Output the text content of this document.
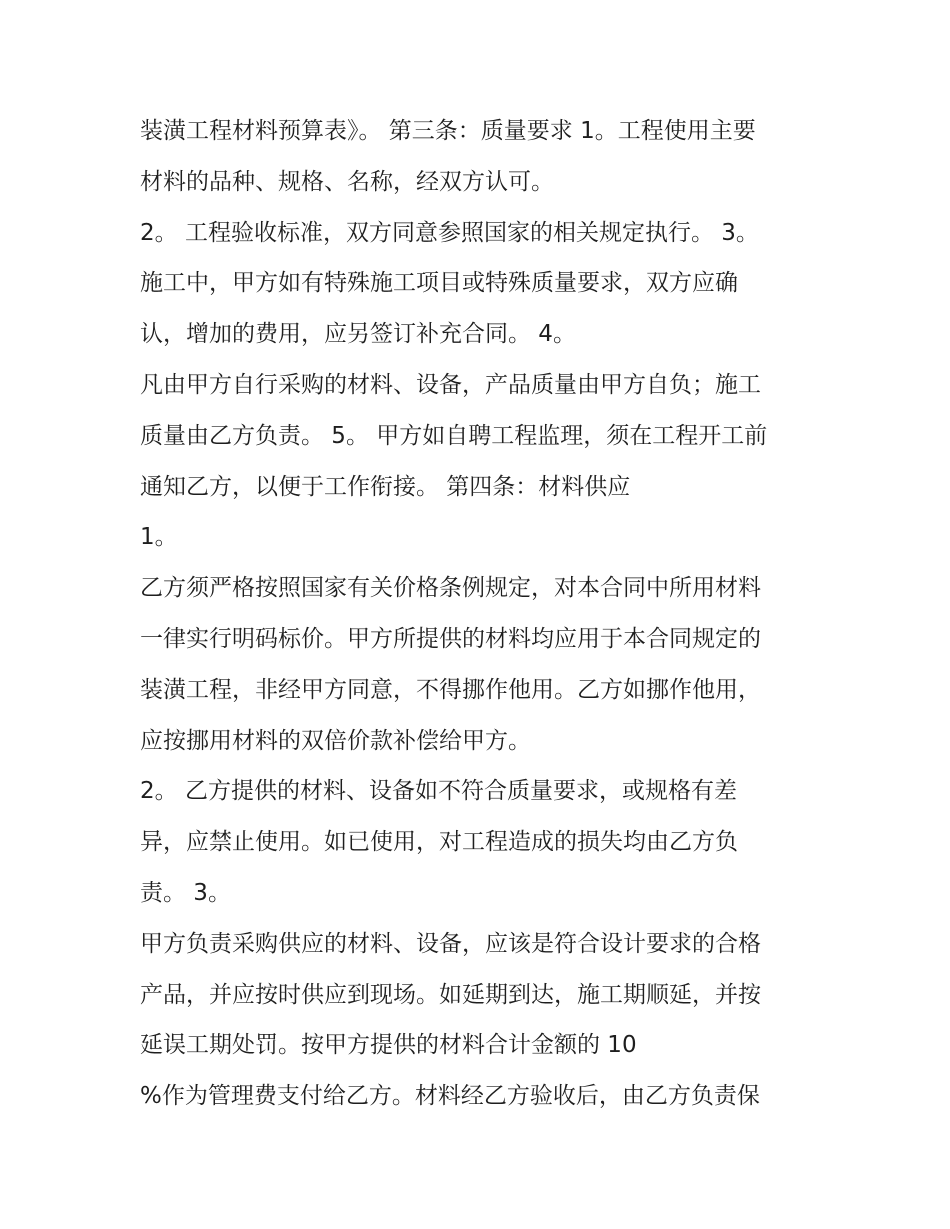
装潢工程材料预算表》。 第三条：质量要求 1。工程使用主要
材料的品种、规格、名称，经双方认可。
2。 工程验收标准，双方同意参照国家的相关规定执行。 3。
施工中，甲方如有特殊施工项目或特殊质量要求，双方应确
认，增加的费用，应另签订补充合同。 4。
凡由甲方自行采购的材料、设备，产品质量由甲方自负；施工
质量由乙方负责。 5。 甲方如自聘工程监理，须在工程开工前
通知乙方，以便于工作衔接。 第四条：材料供应
1。
乙方须严格按照国家有关价格条例规定，对本合同中所用材料
一律实行明码标价。甲方所提供的材料均应用于本合同规定的
装潢工程，非经甲方同意，不得挪作他用。乙方如挪作他用，
应按挪用材料的双倍价款补偿给甲方。
2。 乙方提供的材料、设备如不符合质量要求，或规格有差
异，应禁止使用。如已使用，对工程造成的损失均由乙方负
责。 3。
甲方负责采购供应的材料、设备，应该是符合设计要求的合格
产品，并应按时供应到现场。如延期到达，施工期顺延，并按
延误工期处罚。按甲方提供的材料合计金额的 10
%作为管理费支付给乙方。材料经乙方验收后，由乙方负责保
